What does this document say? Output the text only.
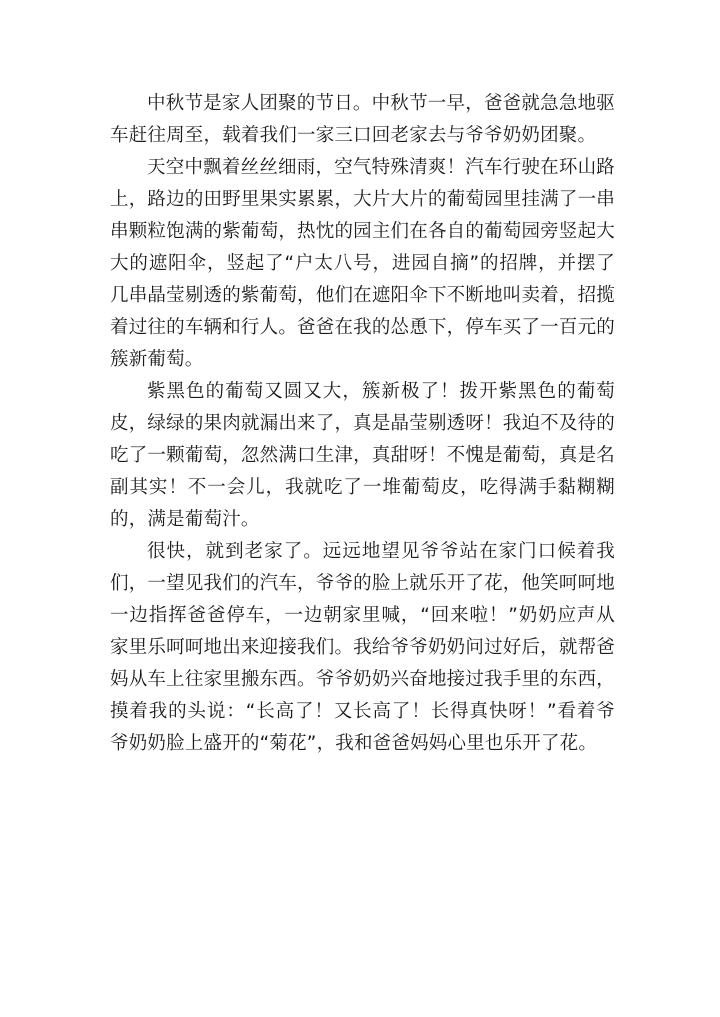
中秋节是家人团聚的节日。中秋节一早，爸爸就急急地驱车赶往周至，载着我们一家三口回老家去与爷爷奶奶团聚。

天空中飘着丝丝细雨，空气特殊清爽！汽车行驶在环山路上，路边的田野里果实累累，大片大片的葡萄园里挂满了一串串颗粒饱满的紫葡萄，热忱的园主们在各自的葡萄园旁竖起大大的遮阳伞，竖起了“户太八号，进园自摘”的招牌，并摆了几串晶莹剔透的紫葡萄，他们在遮阳伞下不断地叫卖着，招揽着过往的车辆和行人。爸爸在我的怂恿下，停车买了一百元的簇新葡萄。

紫黑色的葡萄又圆又大，簇新极了！拨开紫黑色的葡萄皮，绿绿的果肉就漏出来了，真是晶莹剔透呀！我迫不及待的吃了一颗葡萄，忽然满口生津，真甜呀！不愧是葡萄，真是名副其实！不一会儿，我就吃了一堆葡萄皮，吃得满手黏糊糊的，满是葡萄汁。

很快，就到老家了。远远地望见爷爷站在家门口候着我们，一望见我们的汽车，爷爷的脸上就乐开了花，他笑呵呵地一边指挥爸爸停车，一边朝家里喊，“回来啦！”奶奶应声从家里乐呵呵地出来迎接我们。我给爷爷奶奶问过好后，就帮爸妈从车上往家里搬东西。爷爷奶奶兴奋地接过我手里的东西，摸着我的头说：“长高了！又长高了！长得真快呀！”看着爷爷奶奶脸上盛开的“菊花”，我和爸爸妈妈心里也乐开了花。
